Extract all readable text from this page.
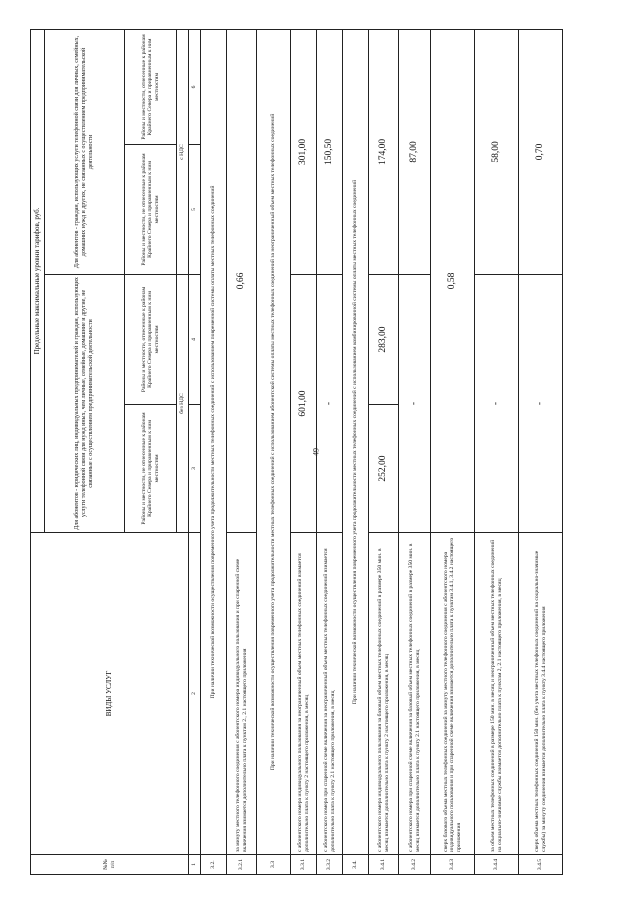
49
№№ п/п	ВИДЫ УСЛУГ	Предельные максимальные уровни тарифов, руб.			
		Для абонентов - юридических лиц, индивидуальных предпринимателей и граждан, использующих услуги телефонной связи для нужд иных, чем личные, семейные, домашние и другие, не связанные с осуществлением предпринимательской деятельности		Для абонентов - граждан, использующих услуги телефонной связи для личных, семейных, домашних нужд и других, не связанных с осуществлением предпринимательской деятельности	
		Районы и местности, не отнесенные к районам Крайнего Севера и приравненным к ним местностям	Районы и местности, отнесенные к районам Крайнего Севера и приравненным к ним местностям	Районы и местности, не отнесенные к районам Крайнего Севера и приравненным к ним местностям	Районы и местности, отнесенные к районам Крайнего Севера и приравненным к ним местностям
		без НДС		с НДС	
1	2	3	4	5	6
3.2.	При наличии технической возможности осуществления повременного учета продолжительности местных телефонных соединений с использованием повременной системы оплаты местных телефонных соединений				
3.2.1	за минуту местного телефонного соединения с абонентского номера индивидуального пользования и при спаренной схеме включения взимается дополнительно плата к пунктам 2., 2.1 настоящего приложения	0,66			
3.3	При наличии технической возможности осуществления повременного учета продолжительности местных телефонных соединений с использованием абонентской системы оплаты местных телефонных соединений за неограниченный объем местных телефонных соединений				
3.3.1	с абонентского номера индивидуального пользования за неограниченный объем местных телефонных соединений взимается дополнительно плата к пункту 2 настоящего приложения, в месяц	601,00		301,00	
3.3.2	с абонентского номера при спаренной схеме включения за неограниченный объем местных телефонных соединений взимается дополнительно плата к пункту 2.1 настоящего приложения, в месяц	-		150,50	
3.4.	При наличии технической возможности осуществления повременного учета продолжительности местных телефонных соединений с использованием комбинированной системы оплаты местных телефонных соединений				
3.4.1	с абонентского номера индивидуального пользования за базовый объем местных телефонных соединений в размере 350 мин. в месяц взимается дополнительно плата к пункту 2 настоящего приложения, в месяц	252,00	283,00	174,00	
3.4.2	с абонентского номера при спаренной схеме включения за базовый объем местных телефонных соединений в размере 350 мин. в месяц взимается дополнительно плата к пункту 2.1 настоящего приложения, в месяц	-		87,00	
3.4.3	сверх базового объема местных телефонных соединений за минуту местного телефонного соединения с абонентского номера индивидуального пользования и при спаренной схеме включения взимается дополнительно плата к пунктам 3.4.1, 3.4.2 настоящего приложения	0,58			
3.4.4	за объем местных телефонных соединений в размере 150 мин. в месяц и неограниченный объем местных телефонных соединений на социально-значимые службы взимается дополнительно плата к пунктам 2, 2.1 настоящего приложения, в месяц	-		58,00	
3.4.5	сверх объема местных телефонных соединений 150 мин. (без учета местных телефонных соединений на социально-значимые службы) за минуту соединения взимается дополнительно плата к пункту 3.4.4 настоящего приложения	-		0,70	
